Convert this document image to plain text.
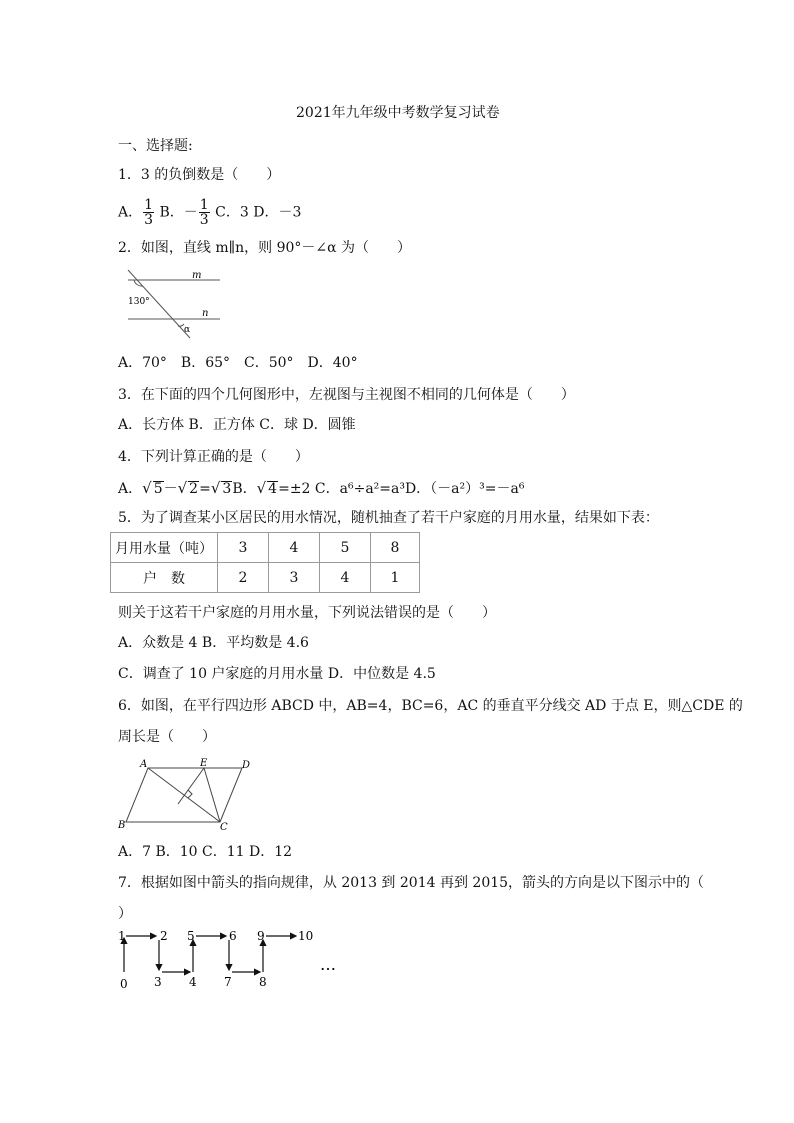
2021年九年级中考数学复习试卷
一、选择题:
1．3 的负倒数是（　　）
A． $\frac{1}{3}$ B．－ $\frac{1}{3}$ C．3 D．－3
2．如图，直线 m∥n，则 90°－∠α 为（　　）
m
n
130°
α
A．70°　B．65°　C．50°　D．40°
3．在下面的四个几何图形中，左视图与主视图不相同的几何体是（　　）
A．长方体 B．正方体 C．球 D．圆锥
4．下列计算正确的是（　　）
A．√ 5－√ 2=√ 3B．√ 4=±2 C．a⁶÷a²=a³D．（－a²）³=－a⁶
5．为了调查某小区居民的用水情况，随机抽查了若干户家庭的月用水量，结果如下表：
月用水量（吨）	3	4	5	8
户　数	2	3	4	1
则关于这若干户家庭的月用水量，下列说法错误的是（　　）
A．众数是 4 B．平均数是 4.6
C．调查了 10 户家庭的月用水量 D．中位数是 4.5
6．如图，在平行四边形 ABCD 中，AB=4，BC=6，AC 的垂直平分线交 AD 于点 E，则△CDE 的
周长是（　　）
A	E	D
B	C
A．7 B．10 C．11 D．12
7．根据如图中箭头的指向规律，从 2013 到 2014 再到 2015，箭头的方向是以下图示中的（
）
1	2 5	6 9	10
0 3 4 7 8
…
